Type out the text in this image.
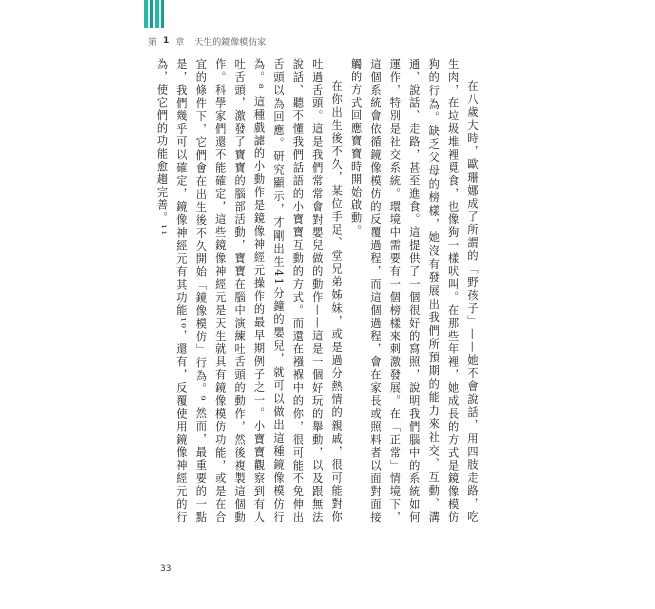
第 1 章 天生的鏡像模仿家

在八歲大時，歐珊娜成了所謂的「野孩子」——她不會說話，用四肢走路，吃生肉，在垃圾堆裡覓食，也像狗一樣吠叫。在那些年裡，她成長的方式是鏡像模仿狗的行為。缺乏父母的榜樣，她沒有發展出我們所預期的能力來社交、互動、溝通、說話、走路，甚至進食。這提供了一個很好的寫照，說明我們腦中的系統如何運作，特別是社交系統。環境中需要有一個榜樣來刺激發展。在「正常」情境下，這個系統會依循鏡像模仿的反覆過程，而這個過程，會在家長或照料者以面對面接觸的方式回應寶寶時開始啟動。

在你出生後不久，某位手足、堂兄弟姊妹，或是過分熱情的親戚，很可能對你吐過舌頭。這是我們常常會對嬰兒做的動作——這是一個好玩的舉動，以及跟無法說話、聽不懂我們話語的小寶寶互動的方式。而還在襁褓中的你，很可能不免伸出舌頭以為回應。研究顯示，才剛出生41分鐘的嬰兒，就可以做出這種鏡像模仿行為。⁸ 這種戲謔的小動作是鏡像神經元操作的最早期例子之一。小寶寶觀察到有人吐舌頭，激發了寶寶的腦部活動，寶寶在腦中演練吐舌頭的動作，然後複製這個動作。科學家們還不能確定，這些鏡像神經元是天生就具有鏡像模仿功能，或是在合宜的條件下，它們會在出生後不久開始「鏡像模仿」行為。⁹ 然而，最重要的一點是，我們幾乎可以確定，鏡像神經元有其功能¹⁰，還有，反覆使用鏡像神經元的行為，使它們的功能愈趨完善。¹¹

33
